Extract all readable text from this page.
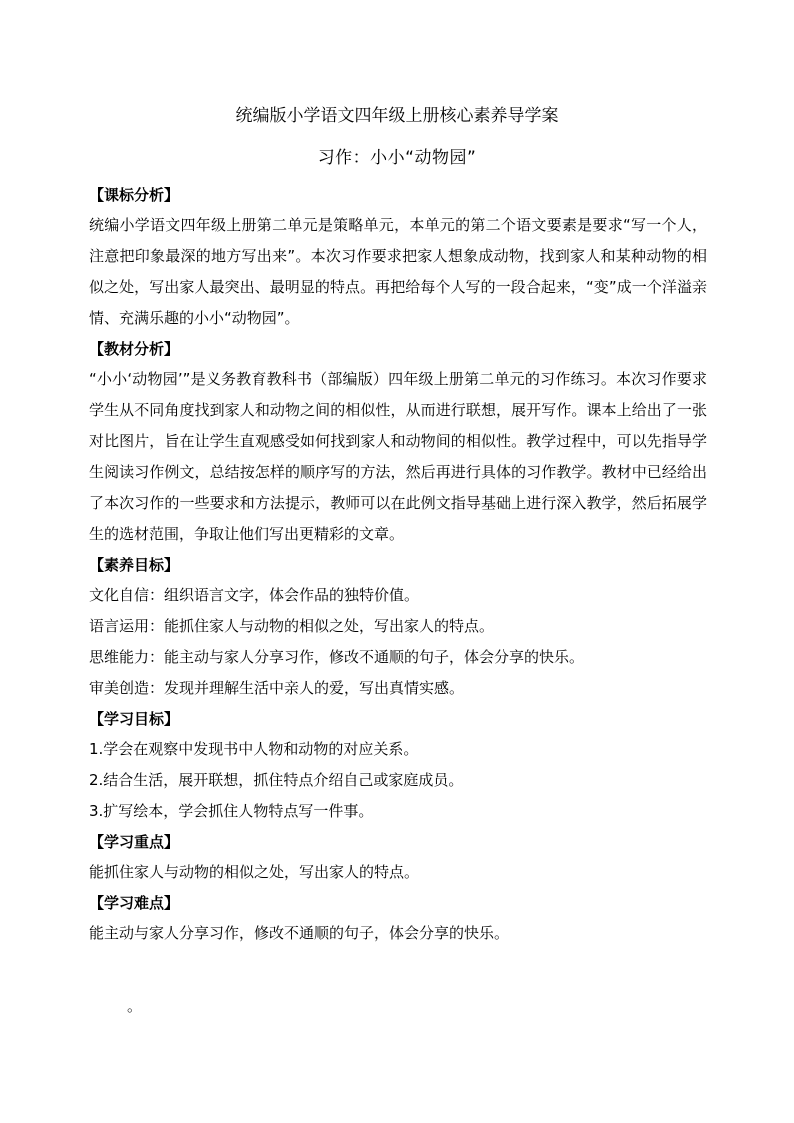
统编版小学语文四年级上册核心素养导学案
习作：小小“动物园”
【课标分析】

统编小学语文四年级上册第二单元是策略单元，本单元的第二个语文要素是要求“写一个人，注意把印象最深的地方写出来”。本次习作要求把家人想象成动物，找到家人和某种动物的相似之处，写出家人最突出、最明显的特点。再把给每个人写的一段合起来，“变”成一个洋溢亲情、充满乐趣的小小“动物园”。

【教材分析】

“小小‘动物园’”是义务教育教科书（部编版）四年级上册第二单元的习作练习。本次习作要求学生从不同角度找到家人和动物之间的相似性，从而进行联想，展开写作。课本上给出了一张对比图片，旨在让学生直观感受如何找到家人和动物间的相似性。教学过程中，可以先指导学生阅读习作例文，总结按怎样的顺序写的方法，然后再进行具体的习作教学。教材中已经给出了本次习作的一些要求和方法提示，教师可以在此例文指导基础上进行深入教学，然后拓展学生的选材范围，争取让他们写出更精彩的文章。

【素养目标】
文化自信：组织语言文字，体会作品的独特价值。
语言运用：能抓住家人与动物的相似之处，写出家人的特点。
思维能力：能主动与家人分享习作，修改不通顺的句子，体会分享的快乐。
审美创造：发现并理解生活中亲人的爱，写出真情实感。
【学习目标】
1.学会在观察中发现书中人物和动物的对应关系。
2.结合生活，展开联想，抓住特点介绍自己或家庭成员。
3.扩写绘本，学会抓住人物特点写一件事。
【学习重点】
能抓住家人与动物的相似之处，写出家人的特点。
【学习难点】
能主动与家人分享习作，修改不通顺的句子，体会分享的快乐。
。
